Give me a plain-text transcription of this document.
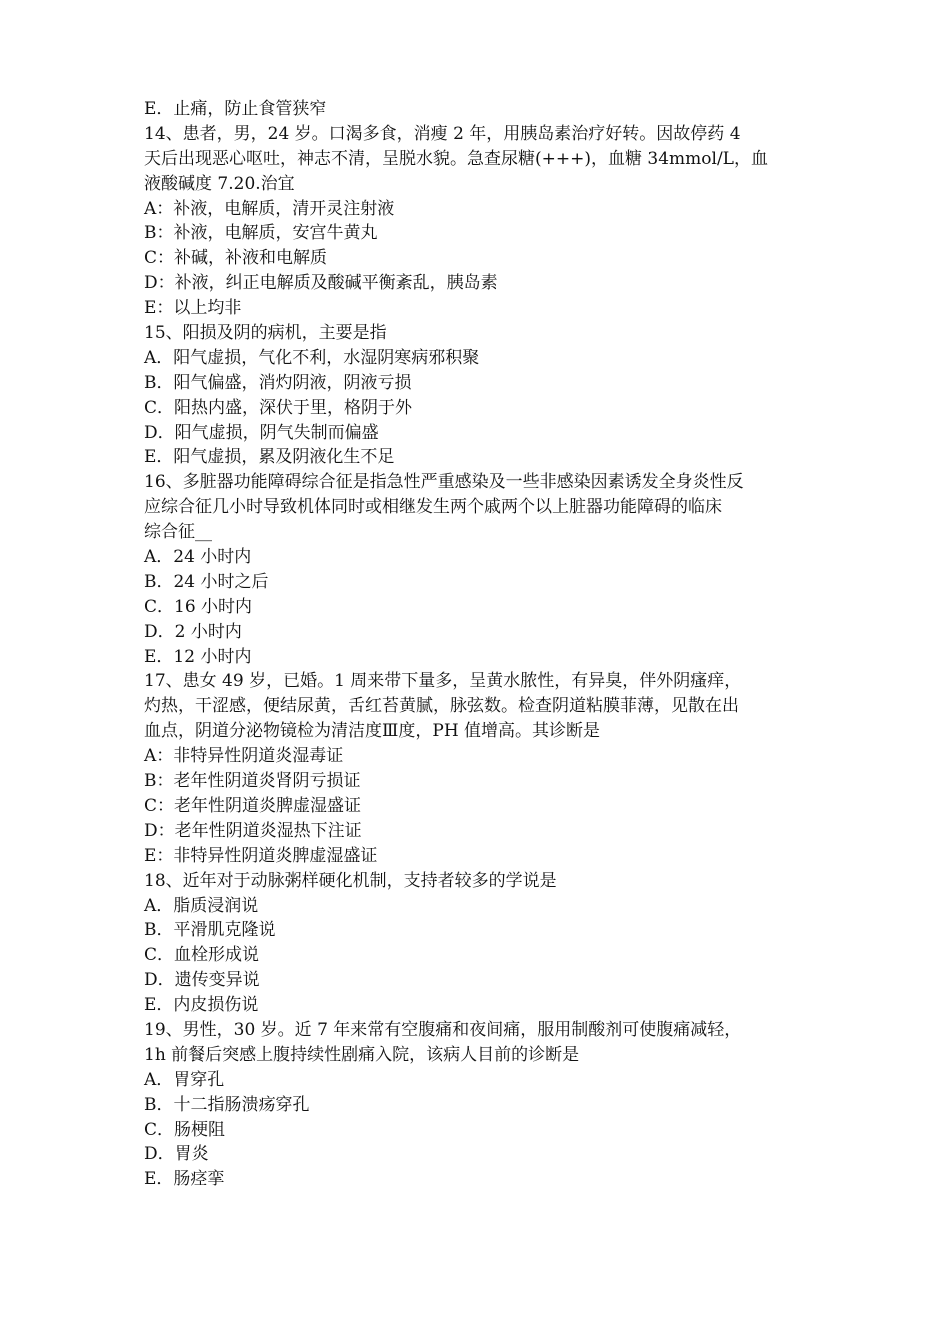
E．止痛，防止食管狭窄
14、患者，男，24 岁。口渴多食，消瘦 2 年，用胰岛素治疗好转。因故停药 4
天后出现恶心呕吐，神志不清，呈脱水貌。急查尿糖(+++)，血糖 34mmol/L，血
液酸碱度 7.20.治宜
A：补液，电解质，清开灵注射液
B：补液，电解质，安宫牛黄丸
C：补碱，补液和电解质
D：补液，纠正电解质及酸碱平衡紊乱，胰岛素
E：以上均非
15、阳损及阴的病机，主要是指
A．阳气虚损，气化不利，水湿阴寒病邪积聚
B．阳气偏盛，消灼阴液，阴液亏损
C．阳热内盛，深伏于里，格阴于外
D．阳气虚损，阴气失制而偏盛
E．阳气虚损，累及阴液化生不足
16、多脏器功能障碍综合征是指急性严重感染及一些非感染因素诱发全身炎性反
应综合征几小时导致机体同时或相继发生两个戚两个以上脏器功能障碍的临床
综合征__
A．24 小时内
B．24 小时之后
C．16 小时内
D．2 小时内
E．12 小时内
17、患女 49 岁，已婚。1 周来带下量多，呈黄水脓性，有异臭，伴外阴瘙痒，
灼热，干涩感，便结尿黄，舌红苔黄腻，脉弦数。检查阴道粘膜菲薄，见散在出
血点，阴道分泌物镜检为清洁度Ⅲ度，PH 值增高。其诊断是
A：非特异性阴道炎湿毒证
B：老年性阴道炎肾阴亏损证
C：老年性阴道炎脾虚湿盛证
D：老年性阴道炎湿热下注证
E：非特异性阴道炎脾虚湿盛证
18、近年对于动脉粥样硬化机制，支持者较多的学说是
A．脂质浸润说
B．平滑肌克隆说
C．血栓形成说
D．遗传变异说
E．内皮损伤说
19、男性，30 岁。近 7 年来常有空腹痛和夜间痛，服用制酸剂可使腹痛减轻，
1h 前餐后突感上腹持续性剧痛入院，该病人目前的诊断是
A．胃穿孔
B．十二指肠溃疡穿孔
C．肠梗阻
D．胃炎
E．肠痉挛
